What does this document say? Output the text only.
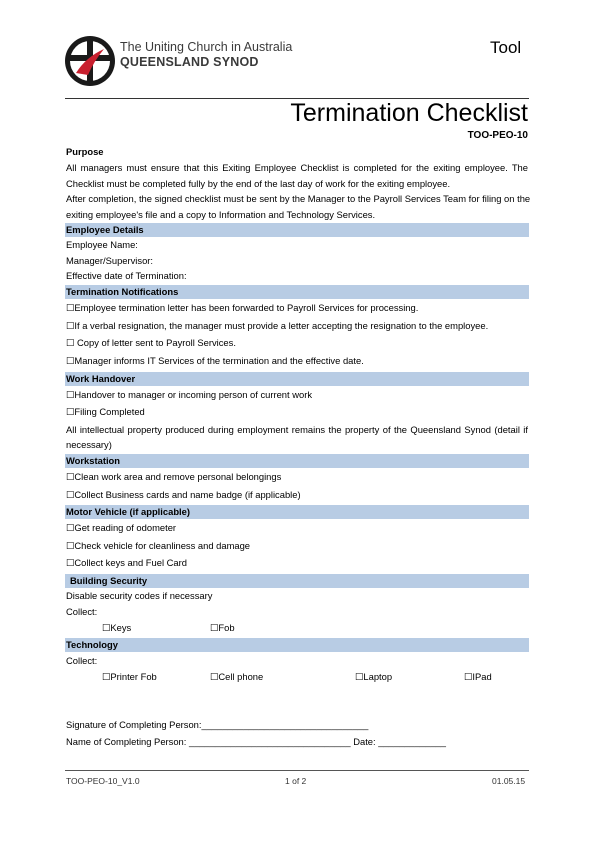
The Uniting Church in Australia
QUEENSLAND SYNOD
Tool
Termination Checklist
TOO-PEO-10
Purpose
All managers must ensure that this Exiting Employee Checklist is completed for the exiting employee. The
Checklist must be completed fully by the end of the last day of work for the exiting employee.
After completion, the signed checklist must be sent by the Manager to the Payroll Services Team for filing on the
exiting employee's file and a copy to Information and Technology Services.
Employee Details
Employee Name:
Manager/Supervisor:
Effective date of Termination:
Termination Notifications
☐Employee termination letter has been forwarded to Payroll Services for processing.
☐If a verbal resignation, the manager must provide a letter accepting the resignation to the employee.
☐ Copy of letter sent to Payroll Services.
☐Manager informs IT Services of the termination and the effective date.
Work Handover
☐Handover to manager or incoming person of current work
☐Filing Completed
All intellectual property produced during employment remains the property of the Queensland Synod (detail if
necessary)
Workstation
☐Clean work area and remove personal belongings
☐Collect Business cards and name badge (if applicable)
Motor Vehicle (if applicable)
☐Get reading of odometer
☐Check vehicle for cleanliness and damage
☐Collect keys and Fuel Card
Building Security
Disable security codes if necessary
Collect:
☐Keys	☐Fob
Technology
Collect:
☐Printer Fob	☐Cell phone	☐Laptop	☐IPad
Signature of Completing Person:________________________________
Name of Completing Person: _______________________________ Date: _____________
TOO-PEO-10_V1.0	1 of 2	01.05.15
